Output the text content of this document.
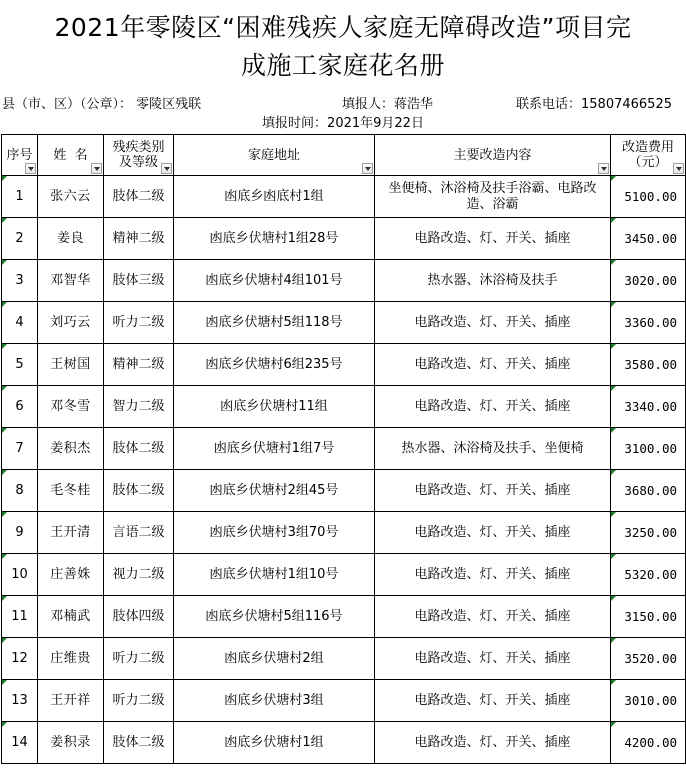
2021年零陵区“困难残疾人家庭无障碍改造”项目完
成施工家庭花名册
县（市、区）（公章）： 零陵区残联	填报人：蒋浩华	联系电话：15807466525
填报时间：2021年9月22日
序号	姓  名	残疾类别及等级	家庭地址	主要改造内容	改造费用（元）

1	张六云	肢体二级	凼底乡凼底村1组	坐便椅、沐浴椅及扶手浴霸、电路改造、浴霸	5100.00

2	姜良	精神二级	凼底乡伏塘村1组28号	电路改造、灯、开关、插座	3450.00

3	邓智华	肢体三级	凼底乡伏塘村4组101号	热水器、沐浴椅及扶手	3020.00

4	刘巧云	听力二级	凼底乡伏塘村5组118号	电路改造、灯、开关、插座	3360.00

5	王树国	精神二级	凼底乡伏塘村6组235号	电路改造、灯、开关、插座	3580.00

6	邓冬雪	智力二级	凼底乡伏塘村11组	电路改造、灯、开关、插座	3340.00

7	姜积杰	肢体二级	凼底乡伏塘村1组7号	热水器、沐浴椅及扶手、坐便椅	3100.00

8	毛冬桂	肢体二级	凼底乡伏塘村2组45号	电路改造、灯、开关、插座	3680.00

9	王开清	言语二级	凼底乡伏塘村3组70号	电路改造、灯、开关、插座	3250.00

10	庄善姝	视力二级	凼底乡伏塘村1组10号	电路改造、灯、开关、插座	5320.00

11	邓楠武	肢体四级	凼底乡伏塘村5组116号	电路改造、灯、开关、插座	3150.00

12	庄维贵	听力二级	凼底乡伏塘村2组	电路改造、灯、开关、插座	3520.00

13	王开祥	听力二级	凼底乡伏塘村3组	电路改造、灯、开关、插座	3010.00

14	姜积录	肢体二级	凼底乡伏塘村1组	电路改造、灯、开关、插座	4200.00
